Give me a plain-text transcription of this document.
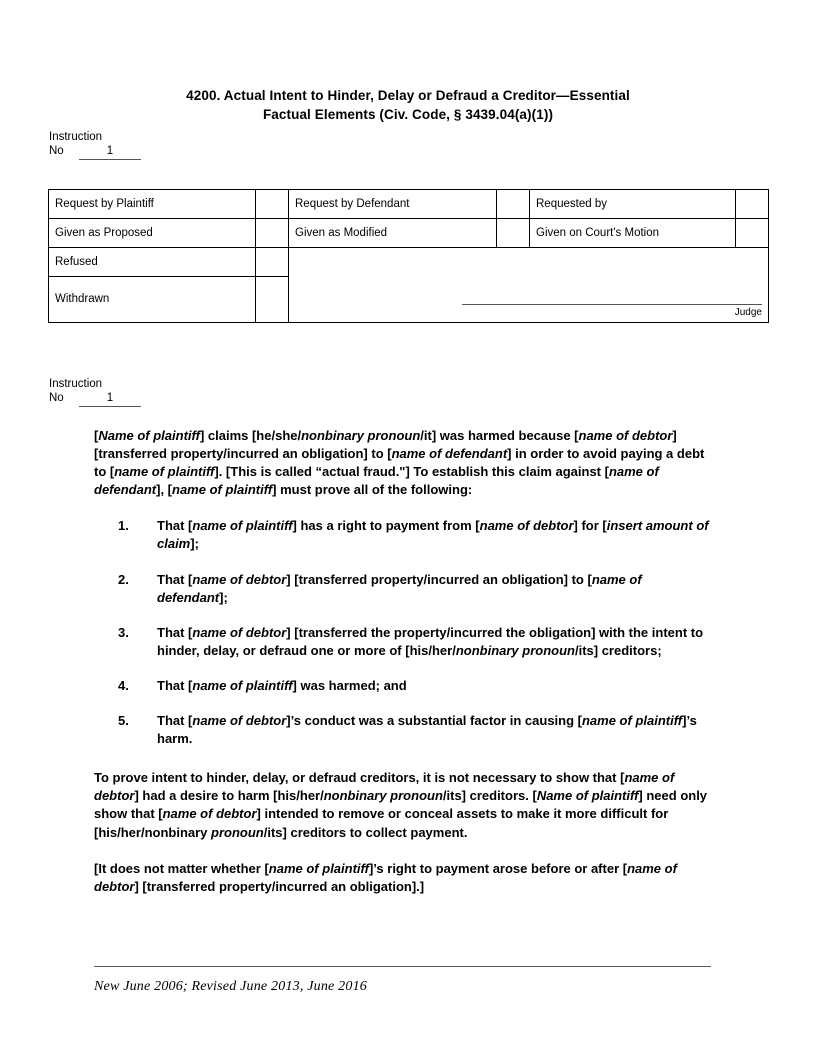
4200. Actual Intent to Hinder, Delay or Defraud a Creditor—Essential
Factual Elements (Civ. Code, § 3439.04(a)(1))
Instruction
No	1
Request by Plaintiff		Request by Defendant		Requested by	
Given as Proposed		Given as Modified		Given on Court's Motion	
Refused		Judge			

Withdrawn					
Instruction
No	1

[Name of plaintiff] claims [he/she/nonbinary pronoun/it] was harmed because [name of debtor] [transferred property/incurred an obligation] to [name of defendant] in order to avoid paying a debt to [name of plaintiff]. [This is called “actual fraud."] To establish this claim against [name of defendant], [name of plaintiff] must prove all of the following:

1. That [name of plaintiff] has a right to payment from [name of debtor] for [insert amount of claim];
2. That [name of debtor] [transferred property/incurred an obligation] to [name of defendant];
3. That [name of debtor] [transferred the property/incurred the obligation] with the intent to hinder, delay, or defraud one or more of [his/her/nonbinary pronoun/its] creditors;
4. That [name of plaintiff] was harmed; and
5. That [name of debtor]’s conduct was a substantial factor in causing [name of plaintiff]’s harm.

To prove intent to hinder, delay, or defraud creditors, it is not necessary to show that [name of debtor] had a desire to harm [his/her/nonbinary pronoun/its] creditors. [Name of plaintiff] need only show that [name of debtor] intended to remove or conceal assets to make it more difficult for [his/her/nonbinary pronoun/its] creditors to collect payment.

[It does not matter whether [name of plaintiff]’s right to payment arose before or after [name of debtor] [transferred property/incurred an obligation].]

New June 2006; Revised June 2013, June 2016
